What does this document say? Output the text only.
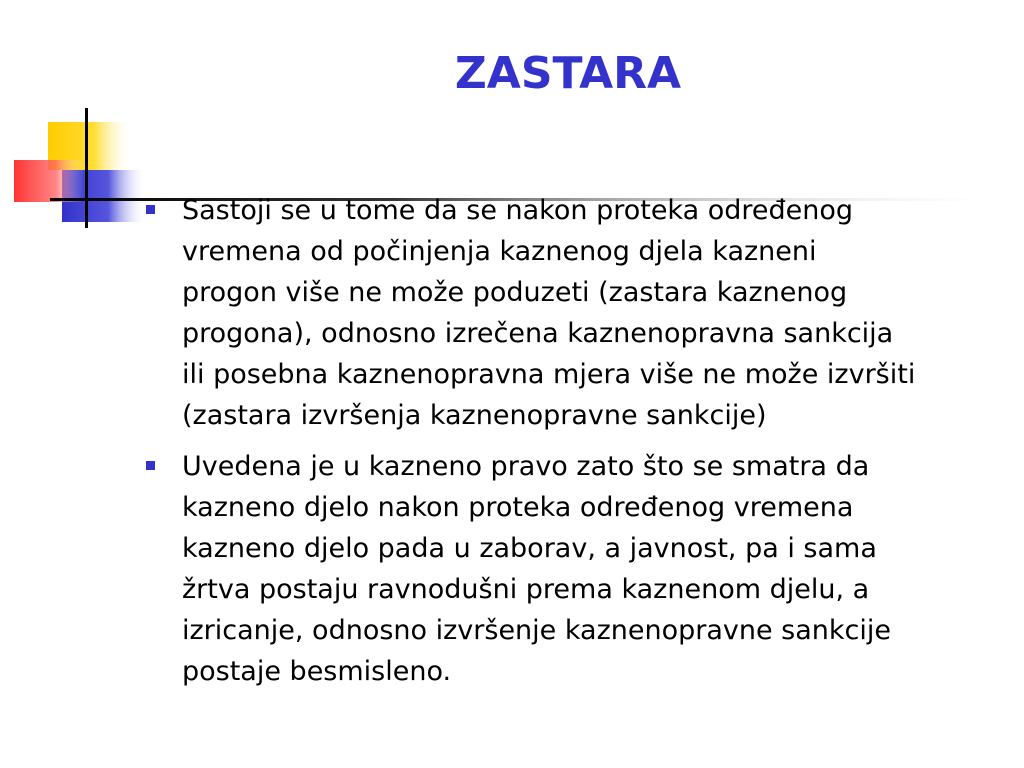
ZASTARA
Sastoji se u tome da se nakon proteka određenog
vremena od počinjenja kaznenog djela kazneni
progon više ne može poduzeti (zastara kaznenog
progona), odnosno izrečena kaznenopravna sankcija
ili posebna kaznenopravna mjera više ne može izvršiti
(zastara izvršenja kaznenopravne sankcije)
Uvedena je u kazneno pravo zato što se smatra da
kazneno djelo nakon proteka određenog vremena
kazneno djelo pada u zaborav, a javnost, pa i sama
žrtva postaju ravnodušni prema kaznenom djelu, a
izricanje, odnosno izvršenje kaznenopravne sankcije
postaje besmisleno.
